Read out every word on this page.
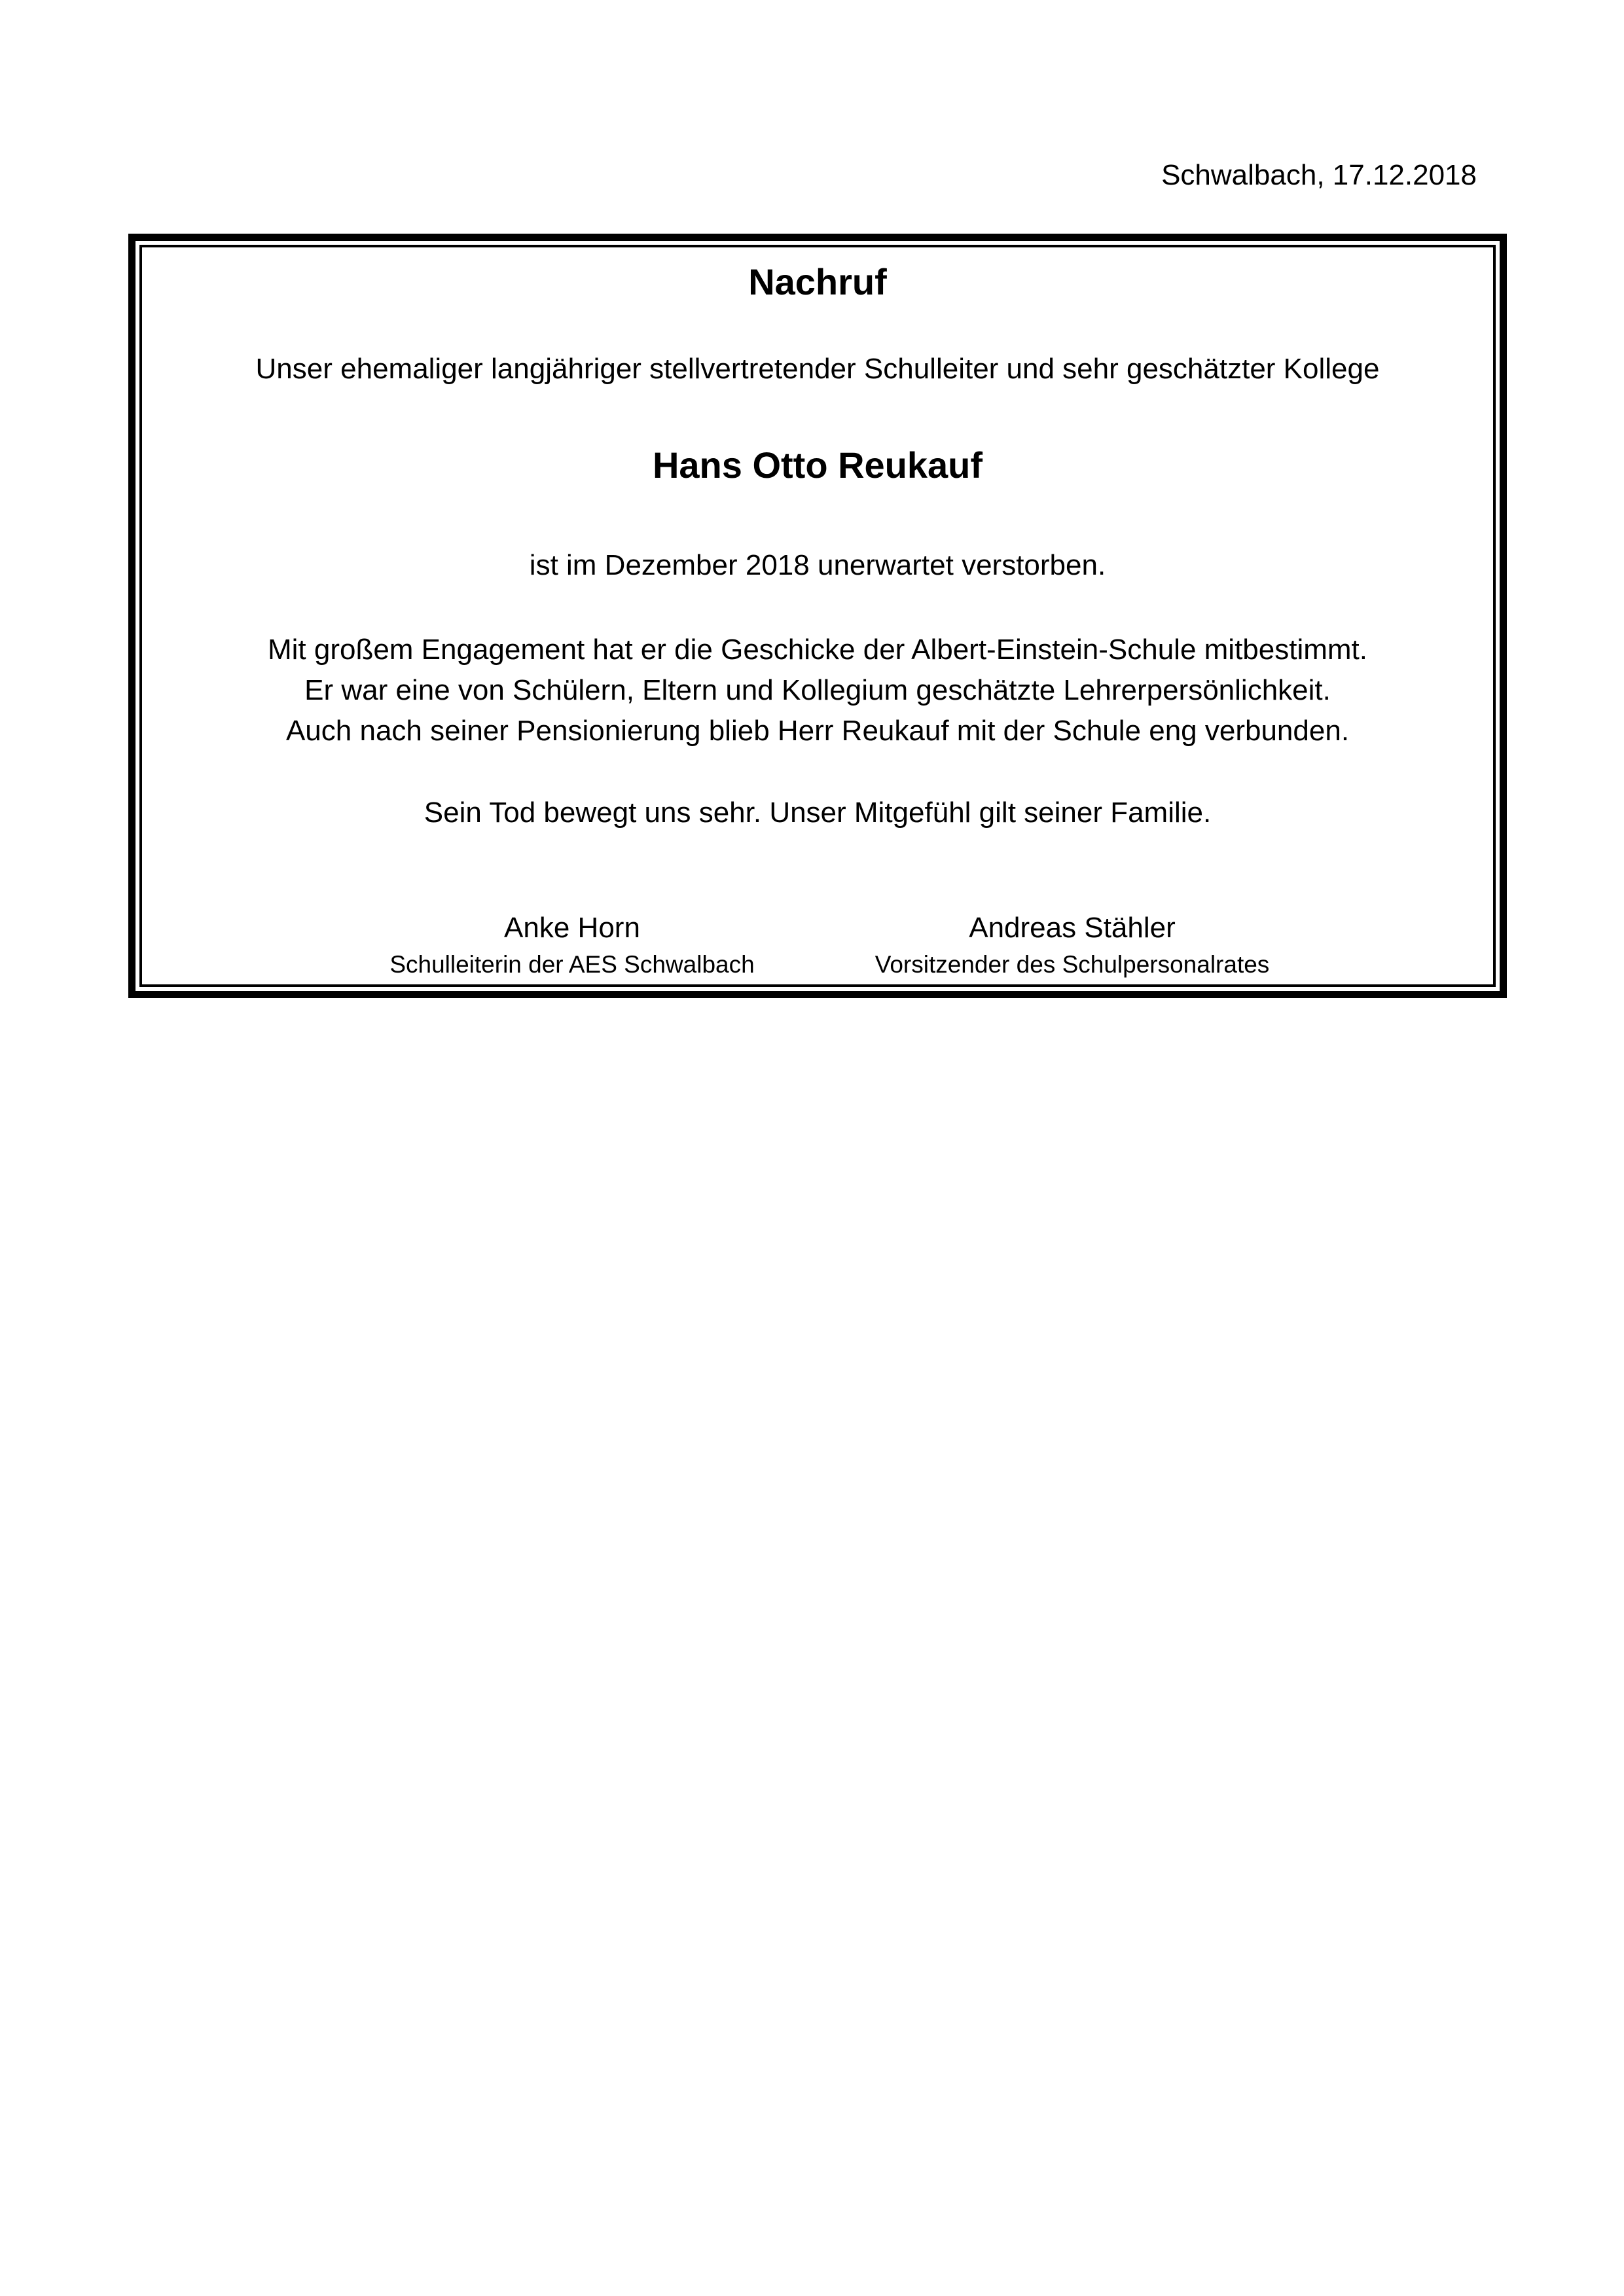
Schwalbach, 17.12.2018
Nachruf
Unser ehemaliger langjähriger stellvertretender Schulleiter und sehr geschätzter Kollege
Hans Otto Reukauf
ist im Dezember 2018 unerwartet verstorben.
Mit großem Engagement hat er die Geschicke der Albert-Einstein-Schule mitbestimmt.
Er war eine von Schülern, Eltern und Kollegium geschätzte Lehrerpersönlichkeit.
Auch nach seiner Pensionierung blieb Herr Reukauf mit der Schule eng verbunden.
Sein Tod bewegt uns sehr. Unser Mitgefühl gilt seiner Familie.
Anke Horn
Schulleiterin der AES Schwalbach
Andreas Stähler
Vorsitzender des Schulpersonalrates
